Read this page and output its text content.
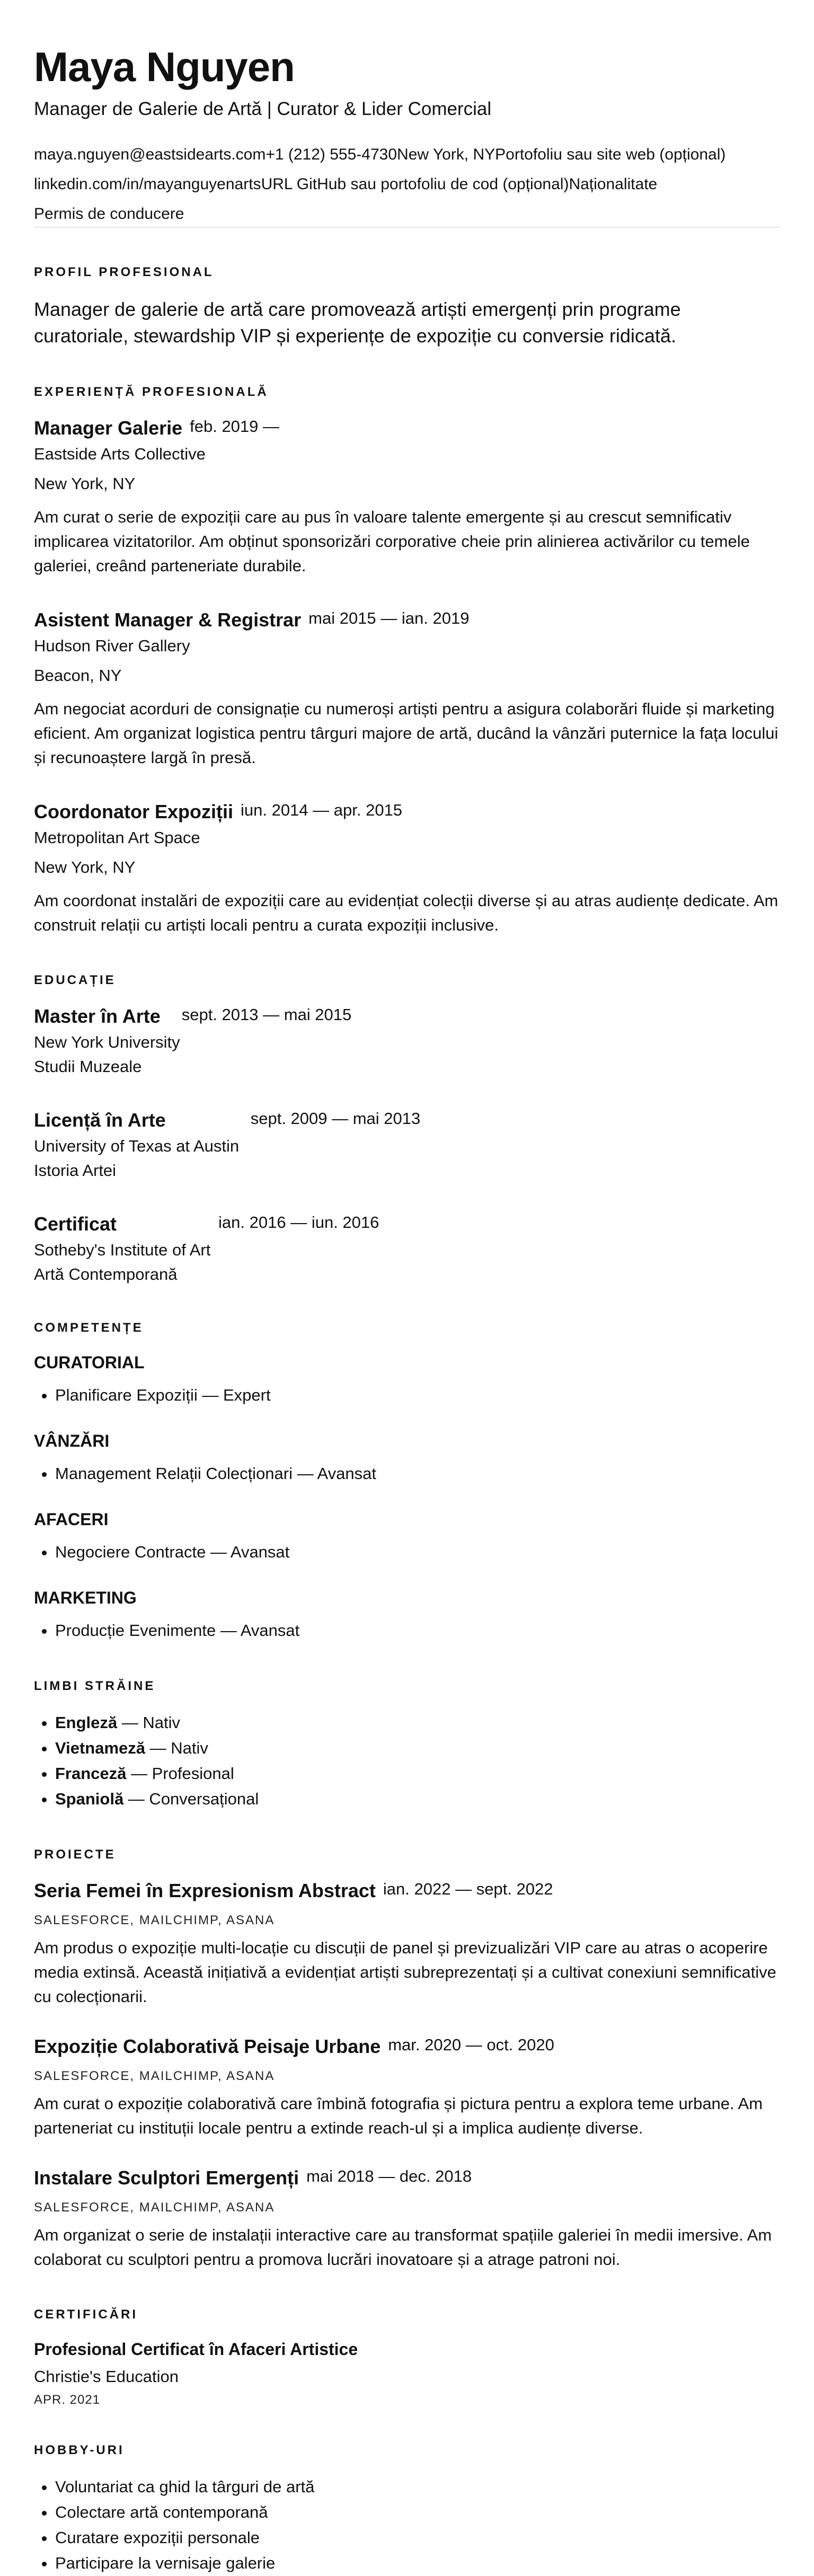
Maya Nguyen
Manager de Galerie de Artă | Curator & Lider Comercial
maya.nguyen@eastsidearts.com+1 (212) 555-4730New York, NYPortofoliu sau site web (opțional)
linkedin.com/in/mayanguyenartsURL GitHub sau portofoliu de cod (opțional)Naționalitate
Permis de conducere
PROFIL PROFESIONAL

Manager de galerie de artă care promovează artiști emergenți prin programe curatoriale, stewardship VIP și experiențe de expoziție cu conversie ridicată.

EXPERIENȚĂ PROFESIONALĂ
Manager Galerie feb. 2019 —
Eastside Arts Collective
New York, NY
Am curat o serie de expoziții care au pus în valoare talente emergente și au crescut semnificativ implicarea vizitatorilor. Am obținut sponsorizări corporative cheie prin alinierea activărilor cu temele galeriei, creând parteneriate durabile.
Asistent Manager & Registrar mai 2015 — ian. 2019
Hudson River Gallery
Beacon, NY
Am negociat acorduri de consignație cu numeroși artiști pentru a asigura colaborări fluide și marketing eficient. Am organizat logistica pentru târguri majore de artă, ducând la vânzări puternice la fața locului și recunoaștere largă în presă.
Coordonator Expoziții iun. 2014 — apr. 2015
Metropolitan Art Space
New York, NY
Am coordonat instalări de expoziții care au evidențiat colecții diverse și au atras audiențe dedicate. Am construit relații cu artiști locali pentru a curata expoziții inclusive.
EDUCAȚIE
Master în Arte sept. 2013 — mai 2015
New York University
Studii Muzeale
Licență în Arte	sept. 2009 — mai 2013
University of Texas at Austin
Istoria Artei
Certificat	ian. 2016 — iun. 2016
Sotheby's Institute of Art
Artă Contemporană
COMPETENȚE
CURATORIAL
• Planificare Expoziții — Expert
VÂNZĂRI
• Management Relații Colecționari — Avansat
AFACERI
• Negociere Contracte — Avansat
MARKETING
• Producție Evenimente — Avansat
LIMBI STRĂINE
• Engleză — Nativ
• Vietnameză — Nativ
• Franceză — Profesional
• Spaniolă — Conversațional
PROIECTE
Seria Femei în Expresionism Abstract ian. 2022 — sept. 2022
SALESFORCE, MAILCHIMP, ASANA
Am produs o expoziție multi-locație cu discuții de panel și previzualizări VIP care au atras o acoperire media extinsă. Această inițiativă a evidențiat artiști subreprezentați și a cultivat conexiuni semnificative cu colecționarii.
Expoziție Colaborativă Peisaje Urbane mar. 2020 — oct. 2020
SALESFORCE, MAILCHIMP, ASANA
Am curat o expoziție colaborativă care îmbină fotografia și pictura pentru a explora teme urbane. Am parteneriat cu instituții locale pentru a extinde reach-ul și a implica audiențe diverse.
Instalare Sculptori Emergenți mai 2018 — dec. 2018
SALESFORCE, MAILCHIMP, ASANA
Am organizat o serie de instalații interactive care au transformat spațiile galeriei în medii imersive. Am colaborat cu sculptori pentru a promova lucrări inovatoare și a atrage patroni noi.
CERTIFICĂRI
Profesional Certificat în Afaceri Artistice
Christie's Education
APR. 2021
HOBBY-URI
• Voluntariat ca ghid la târguri de artă
• Colectare artă contemporană
• Curatare expoziții personale
• Participare la vernisaje galerie
